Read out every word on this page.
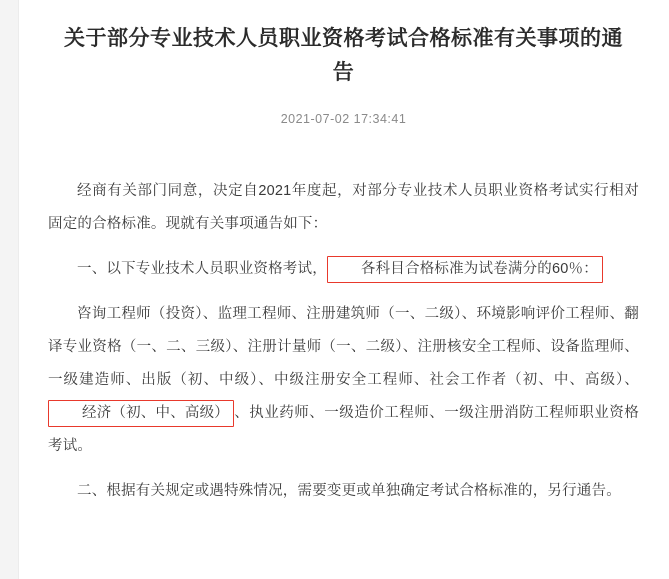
关于部分专业技术人员职业资格考试合格标准有关事项的通告
2021-07-02 17:34:41

经商有关部门同意，决定自2021年度起，对部分专业技术人员职业资格考试实行相对固定的合格标准。现就有关事项通告如下：

一、以下专业技术人员职业资格考试， 各科目合格标准为试卷满分的60％：

咨询工程师（投资）、监理工程师、注册建筑师（一、二级）、环境影响评价工程师、翻译专业资格（一、二、三级）、注册计量师（一、二级）、注册核安全工程师、设备监理师、一级建造师、出版（初、中级）、中级注册安全工程师、社会工作者（初、中、高级）、经济（初、中、高级） 、执业药师、一级造价工程师、一级注册消防工程师职业资格考试。

二、根据有关规定或遇特殊情况，需要变更或单独确定考试合格标准的，另行通告。
